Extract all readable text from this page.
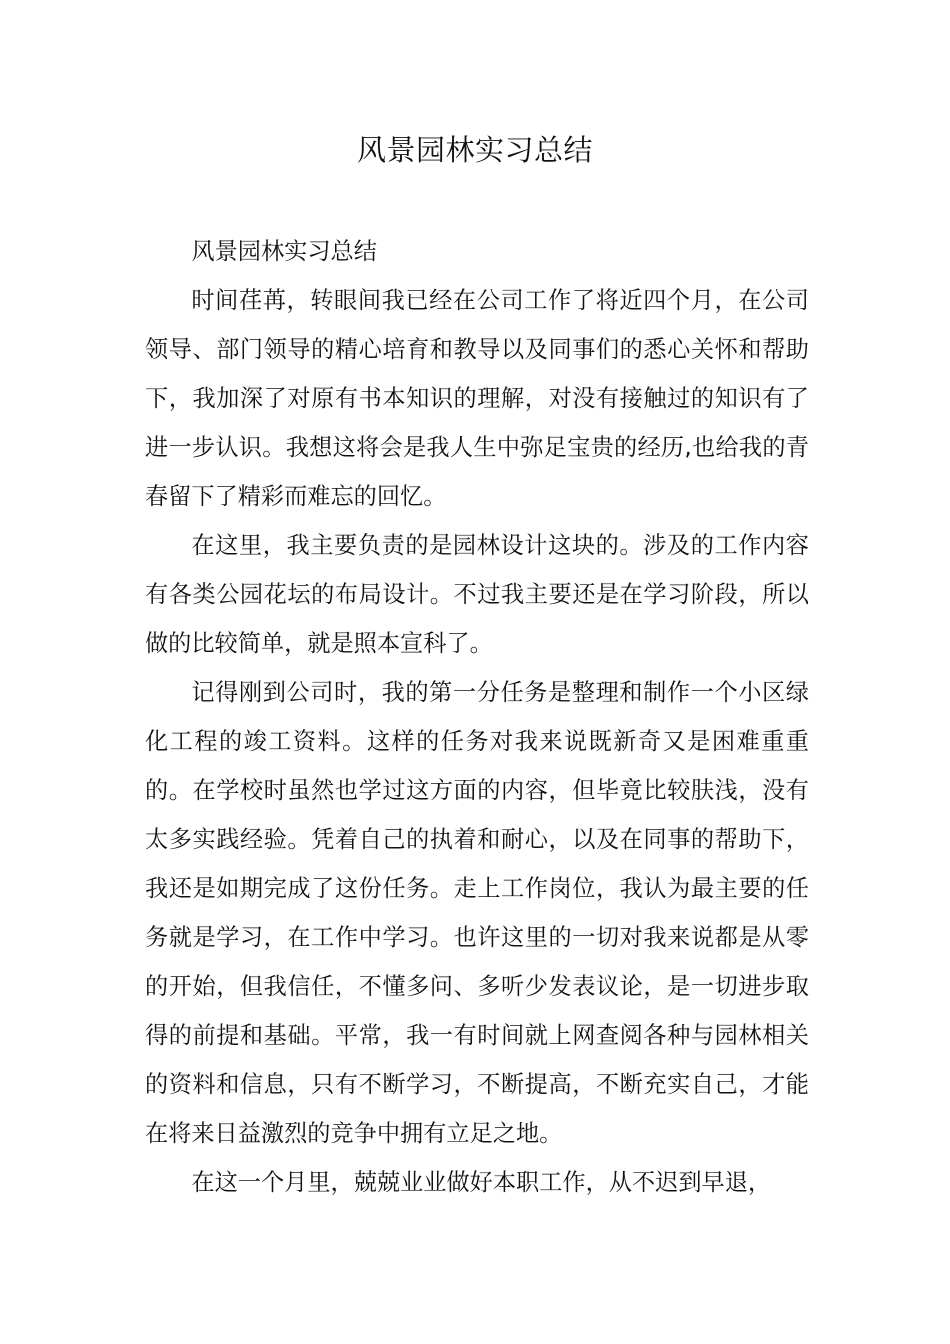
风景园林实习总结

风景园林实习总结

时间荏苒，转眼间我已经在公司工作了将近四个月，在公司领导、部门领导的精心培育和教导以及同事们的悉心关怀和帮助下，我加深了对原有书本知识的理解，对没有接触过的知识有了进一步认识。我想这将会是我人生中弥足宝贵的经历,也给我的青春留下了精彩而难忘的回忆。

在这里，我主要负责的是园林设计这块的。涉及的工作内容有各类公园花坛的布局设计。不过我主要还是在学习阶段，所以做的比较简单，就是照本宣科了。

记得刚到公司时，我的第一分任务是整理和制作一个小区绿化工程的竣工资料。这样的任务对我来说既新奇又是困难重重的。在学校时虽然也学过这方面的内容，但毕竟比较肤浅，没有太多实践经验。凭着自己的执着和耐心，以及在同事的帮助下，我还是如期完成了这份任务。走上工作岗位，我认为最主要的任务就是学习，在工作中学习。也许这里的一切对我来说都是从零的开始，但我信任，不懂多问、多听少发表议论，是一切进步取得的前提和基础。平常，我一有时间就上网查阅各种与园林相关的资料和信息，只有不断学习，不断提高，不断充实自己，才能在将来日益激烈的竞争中拥有立足之地。

在这一个月里，兢兢业业做好本职工作，从不迟到早退，
